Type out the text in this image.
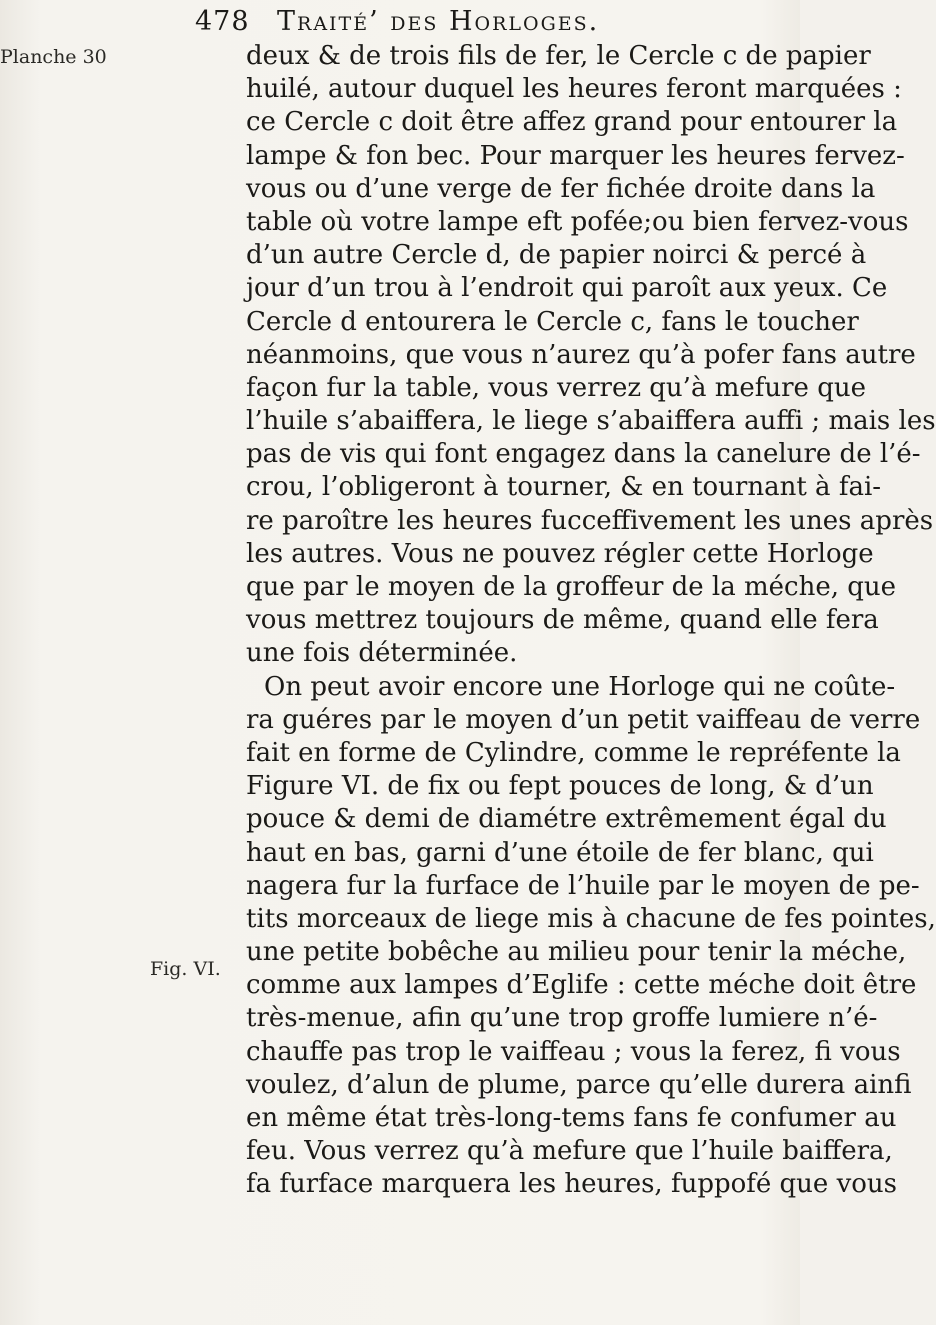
478 Traité’ des Horloges.
Planche 30
Fig. VI.
deux & de trois fils de fer, le Cercle c de papier
huilé, autour duquel les heures feront marquées :
ce Cercle c doit être affez grand pour entourer la
lampe & fon bec. Pour marquer les heures fervez-
vous ou d’une verge de fer fichée droite dans la
table où votre lampe eft pofée;ou bien fervez-vous
d’un autre Cercle d, de papier noirci & percé à
jour d’un trou à l’endroit qui paroît aux yeux. Ce
Cercle d entourera le Cercle c, fans le toucher
néanmoins, que vous n’aurez qu’à pofer fans autre
façon fur la table, vous verrez qu’à mefure que
l’huile s’abaiffera, le liege s’abaiffera auffi ; mais les
pas de vis qui font engagez dans la canelure de l’é-
crou, l’obligeront à tourner, & en tournant à fai-
re paroître les heures fucceffivement les unes après
les autres. Vous ne pouvez régler cette Horloge
que par le moyen de la groffeur de la méche, que
vous mettrez toujours de même, quand elle fera
une fois déterminée.
On peut avoir encore une Horloge qui ne coûte-
ra guéres par le moyen d’un petit vaiffeau de verre
fait en forme de Cylindre, comme le repréfente la
Figure VI. de fix ou fept pouces de long, & d’un
pouce & demi de diamétre extrêmement égal du
haut en bas, garni d’une étoile de fer blanc, qui
nagera fur la furface de l’huile par le moyen de pe-
tits morceaux de liege mis à chacune de fes pointes,
une petite bobêche au milieu pour tenir la méche,
comme aux lampes d’Eglife : cette méche doit être
très-menue, afin qu’une trop groffe lumiere n’é-
chauffe pas trop le vaiffeau ; vous la ferez, fi vous
voulez, d’alun de plume, parce qu’elle durera ainfi
en même état très-long-tems fans fe confumer au
feu. Vous verrez qu’à mefure que l’huile baiffera,
fa furface marquera les heures, fuppofé que vous
